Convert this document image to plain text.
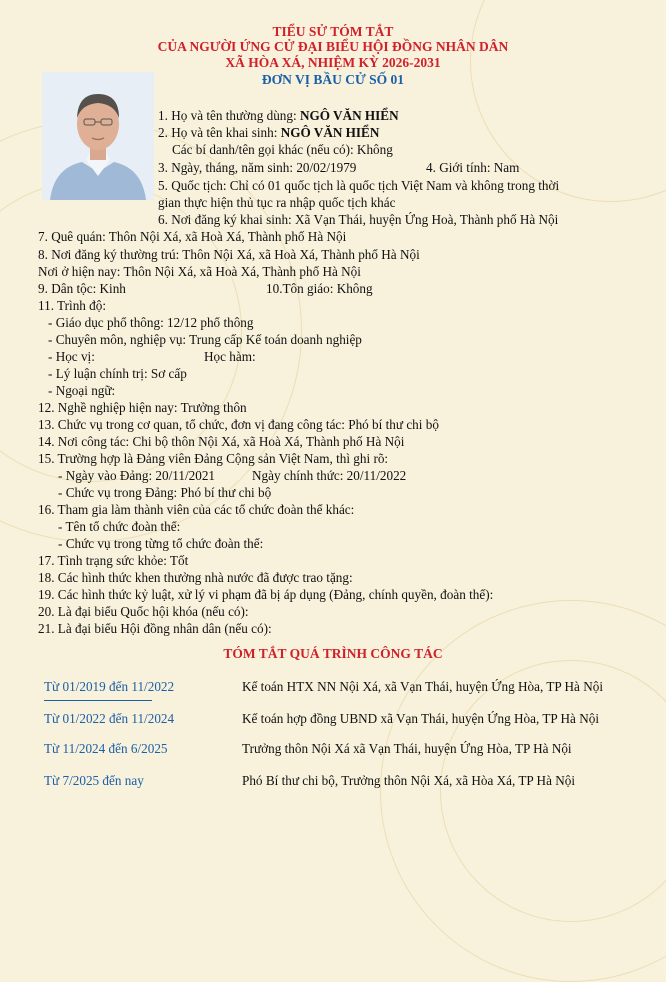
TIỂU SỬ TÓM TẮT
CỦA NGƯỜI ỨNG CỬ ĐẠI BIỂU HỘI ĐỒNG NHÂN DÂN
XÃ HÒA XÁ, NHIỆM KỲ 2026-2031
ĐƠN VỊ BẦU CỬ SỐ 01
1. Họ và tên thường dùng: NGÔ VĂN HIỂN
2. Họ và tên khai sinh: NGÔ VĂN HIỂN
Các bí danh/tên gọi khác (nếu có): Không
3. Ngày, tháng, năm sinh: 20/02/1979	4. Giới tính: Nam
5. Quốc tịch: Chỉ có 01 quốc tịch là quốc tịch Việt Nam và không trong thời
gian thực hiện thủ tục ra nhập quốc tịch khác
6. Nơi đăng ký khai sinh: Xã Vạn Thái, huyện Ứng Hoà, Thành phố Hà Nội
7. Quê quán: Thôn Nội Xá, xã Hoà Xá, Thành phố Hà Nội
8. Nơi đăng ký thường trú: Thôn Nội Xá, xã Hoà Xá, Thành phố Hà Nội
Nơi ở hiện nay: Thôn Nội Xá, xã Hoà Xá, Thành phố Hà Nội
9. Dân tộc: Kinh	10.Tôn giáo: Không
11. Trình độ:
- Giáo dục phổ thông: 12/12 phổ thông
- Chuyên môn, nghiệp vụ: Trung cấp Kế toán doanh nghiệp
- Học vị:	Học hàm:
- Lý luận chính trị: Sơ cấp
- Ngoại ngữ:
12. Nghề nghiệp hiện nay: Trưởng thôn
13. Chức vụ trong cơ quan, tổ chức, đơn vị đang công tác: Phó bí thư chi bộ
14. Nơi công tác: Chi bộ thôn Nội Xá, xã Hoà Xá, Thành phố Hà Nội
15. Trường hợp là Đảng viên Đảng Cộng sản Việt Nam, thì ghi rõ:
- Ngày vào Đảng: 20/11/2021	Ngày chính thức: 20/11/2022
- Chức vụ trong Đảng: Phó bí thư chi bộ
16. Tham gia làm thành viên của các tổ chức đoàn thể khác:
- Tên tổ chức đoàn thể:
- Chức vụ trong từng tổ chức đoàn thể:
17. Tình trạng sức khỏe: Tốt
18. Các hình thức khen thưởng nhà nước đã được trao tặng:
19. Các hình thức kỷ luật, xử lý vi phạm đã bị áp dụng (Đảng, chính quyền, đoàn thể):
20. Là đại biểu Quốc hội khóa (nếu có):
21. Là đại biểu Hội đồng nhân dân (nếu có):
TÓM TẮT QUÁ TRÌNH CÔNG TÁC
Từ 01/2019 đến 11/2022	Kế toán HTX NN Nội Xá, xã Vạn Thái, huyện Ứng Hòa, TP Hà Nội
Từ 01/2022 đến 11/2024	Kế toán hợp đồng UBND xã Vạn Thái, huyện Ứng Hòa, TP Hà Nội
Từ 11/2024 đến 6/2025	Trưởng thôn Nội Xá xã Vạn Thái, huyện Ứng Hòa, TP Hà Nội
Từ 7/2025 đến nay	Phó Bí thư chi bộ, Trưởng thôn Nội Xá, xã Hòa Xá, TP Hà Nội
